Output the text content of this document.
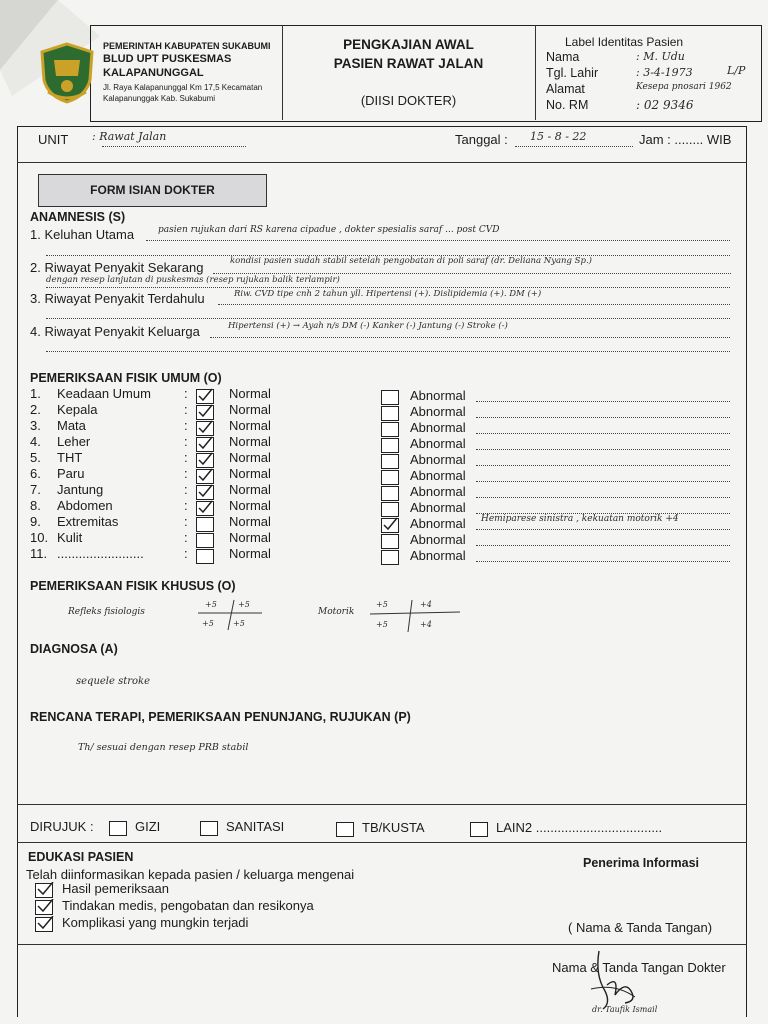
PEMERINTAH KABUPATEN SUKABUMI
BLUD UPT PUSKESMAS
KALAPANUNGGAL
Jl. Raya Kalapanunggal Km 17,5 Kecamatan
Kalapanunggak Kab. Sukabumi
PENGKAJIAN AWAL
PASIEN RAWAT JALAN
(DIISI DOKTER)
Label Identitas Pasien
Nama	: M. Udu
Tgl. Lahir	: 3-4-1973	L/P
Alamat	Kesepa pnosari 1962
No. RM	: 02 9346
UNIT : Rawat Jalan	Tanggal : 15 - 8 - 22	Jam : ........ WIB
FORM ISIAN DOKTER
ANAMNESIS (S)
1. Keluhan Utama	pasien rujukan dari RS karena cipadue , dokter spesialis saraf ... post CVD
2. Riwayat Penyakit Sekarang	kondisi pasien sudah stabil setelah pengobatan di poli saraf (dr. Deliana Nyang Sp.)
dengan resep lanjutan di puskesmas (resep rujukan balik terlampir)
3. Riwayat Penyakit Terdahulu	Riw. CVD tipe cnh 2 tahun yll. Hipertensi (+). Dislipidemia (+). DM (+)
4. Riwayat Penyakit Keluarga	Hipertensi (+) → Ayah n/s DM (-) Kanker (-) Jantung (-) Stroke (-)
PEMERIKSAAN FISIK UMUM (O)
1. Keadaan Umum	:	Normal	Abnormal
2. Kepala	:	Normal	Abnormal
3. Mata	:	Normal	Abnormal
4. Leher	:	Normal	Abnormal
5. THT	:	Normal	Abnormal
6. Paru	:	Normal	Abnormal
7. Jantung	:	Normal	Abnormal
8. Abdomen	:	Normal	Abnormal
9. Extremitas	:	Normal	Abnormal Hemiparese sinistra , kekuatan motorik +4
10. Kulit	:	Normal	Abnormal
11. ........................	:	Normal	Abnormal
PEMERIKSAAN FISIK KHUSUS (O)
Refleks fisiologis
+5	+5
+5 +5
Motorik
+5	+4
+5	+4
DIAGNOSA (A)
sequele stroke
RENCANA TERAPI, PEMERIKSAAN PENUNJANG, RUJUKAN (P)
Th/ sesuai dengan resep PRB stabil
DIRUJUK :	GIZI	SANITASI	TB/KUSTA	LAIN2 ...................................
EDUKASI PASIEN
Telah diinformasikan kepada pasien / keluarga mengenai
Hasil pemeriksaan
Tindakan medis, pengobatan dan resikonya
Komplikasi yang mungkin terjadi
Penerima Informasi
( Nama & Tanda Tangan)
Nama & Tanda Tangan Dokter
dr. Taufik Ismail
